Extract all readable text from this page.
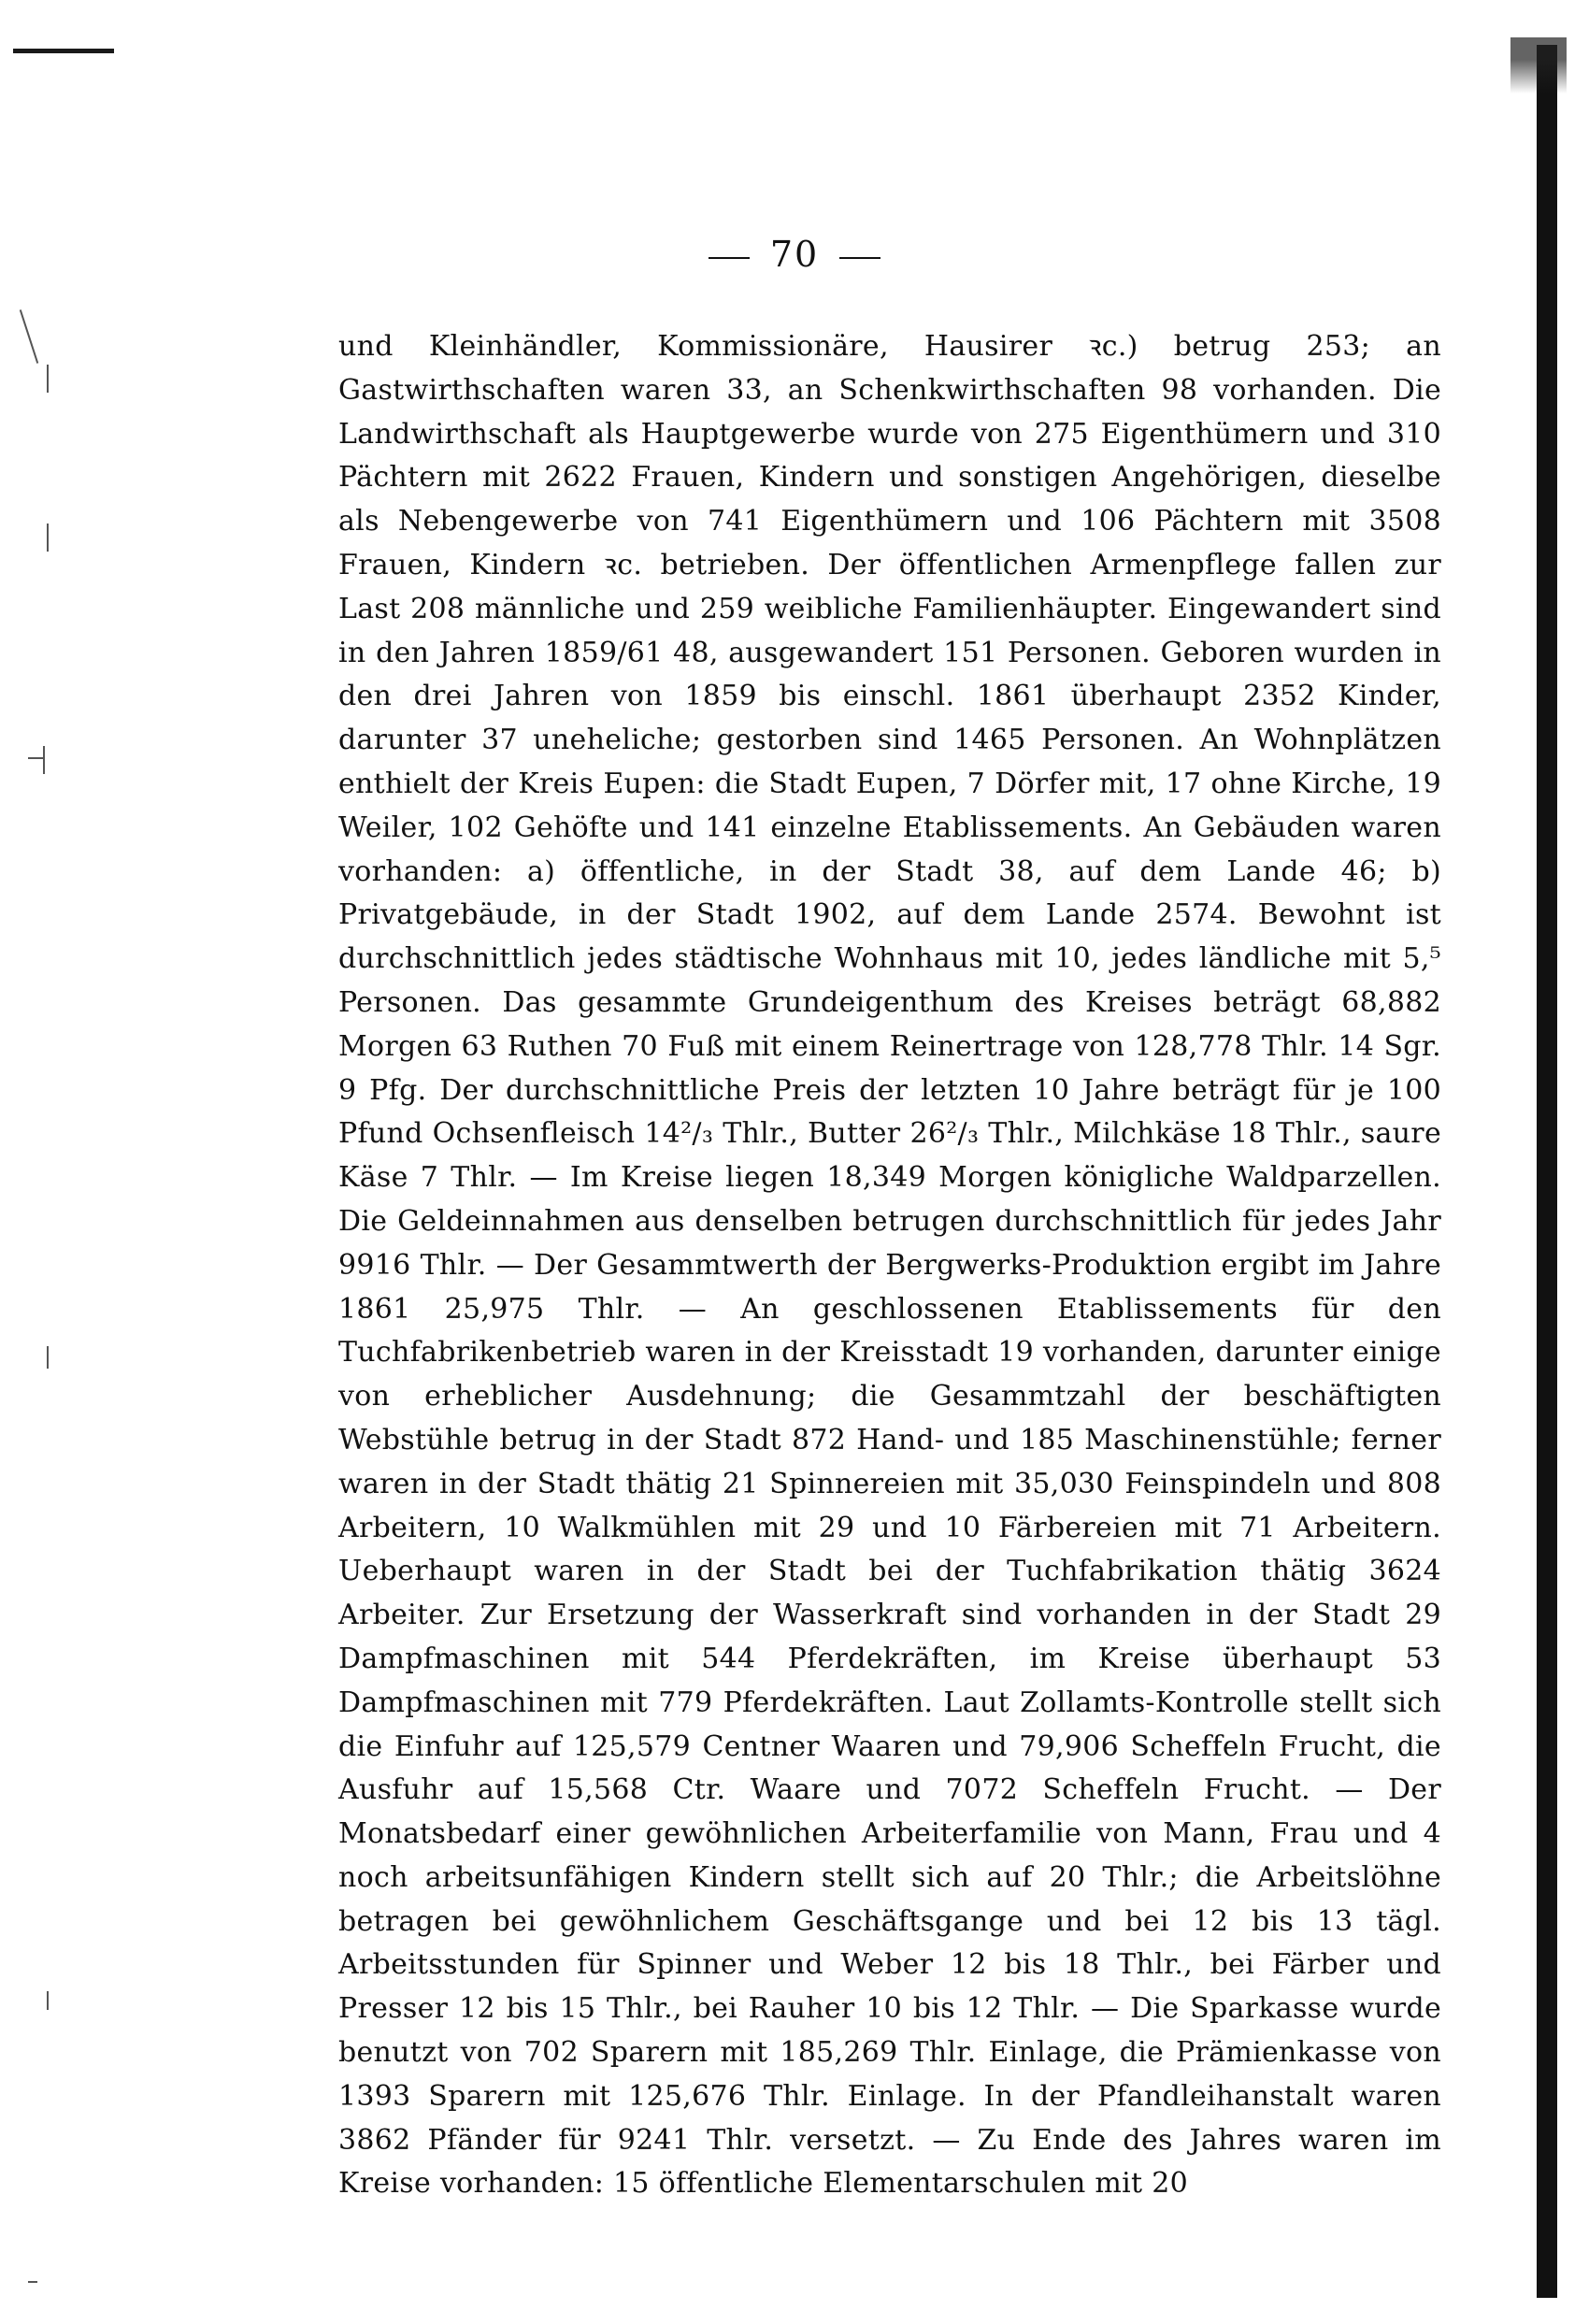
70

und Kleinhändler, Kommissionäre, Hausirer ꝛc.) betrug 253; an Gastwirthschaften waren 33, an Schenkwirthschaften 98 vorhanden. Die Landwirthschaft als Hauptgewerbe wurde von 275 Eigenthümern und 310 Pächtern mit 2622 Frauen, Kindern und sonstigen Angehörigen, dieselbe als Nebengewerbe von 741 Eigenthümern und 106 Pächtern mit 3508 Frauen, Kindern ꝛc. betrieben. Der öffentlichen Armenpflege fallen zur Last 208 männliche und 259 weibliche Familienhäupter. Eingewandert sind in den Jahren 1859/61 48, ausgewandert 151 Personen. Geboren wurden in den drei Jahren von 1859 bis einschl. 1861 überhaupt 2352 Kinder, darunter 37 uneheliche; gestorben sind 1465 Personen. An Wohnplätzen enthielt der Kreis Eupen: die Stadt Eupen, 7 Dörfer mit, 17 ohne Kirche, 19 Weiler, 102 Gehöfte und 141 einzelne Etablissements. An Gebäuden waren vorhanden: a) öffentliche, in der Stadt 38, auf dem Lande 46; b) Privatgebäude, in der Stadt 1902, auf dem Lande 2574. Bewohnt ist durchschnittlich jedes städtische Wohnhaus mit 10, jedes ländliche mit 5,⁵ Personen. Das gesammte Grundeigenthum des Kreises beträgt 68,882 Morgen 63 Ruthen 70 Fuß mit einem Reinertrage von 128,778 Thlr. 14 Sgr. 9 Pfg. Der durchschnittliche Preis der letzten 10 Jahre beträgt für je 100 Pfund Ochsenfleisch 14²/₃ Thlr., Butter 26²/₃ Thlr., Milchkäse 18 Thlr., saure Käse 7 Thlr. — Im Kreise liegen 18,349 Morgen königliche Waldparzellen. Die Geldeinnahmen aus denselben betrugen durchschnittlich für jedes Jahr 9916 Thlr. — Der Gesammtwerth der Bergwerks-Produktion ergibt im Jahre 1861 25,975 Thlr. — An geschlossenen Etablissements für den Tuchfabrikenbetrieb waren in der Kreisstadt 19 vorhanden, darunter einige von erheblicher Ausdehnung; die Gesammtzahl der beschäftigten Webstühle betrug in der Stadt 872 Hand- und 185 Maschinenstühle; ferner waren in der Stadt thätig 21 Spinnereien mit 35,030 Feinspindeln und 808 Arbeitern, 10 Walkmühlen mit 29 und 10 Färbereien mit 71 Arbeitern. Ueberhaupt waren in der Stadt bei der Tuchfabrikation thätig 3624 Arbeiter. Zur Ersetzung der Wasserkraft sind vorhanden in der Stadt 29 Dampfmaschinen mit 544 Pferdekräften, im Kreise überhaupt 53 Dampfmaschinen mit 779 Pferdekräften. Laut Zollamts-Kontrolle stellt sich die Einfuhr auf 125,579 Centner Waaren und 79,906 Scheffeln Frucht, die Ausfuhr auf 15,568 Ctr. Waare und 7072 Scheffeln Frucht. — Der Monatsbedarf einer gewöhnlichen Arbeiterfamilie von Mann, Frau und 4 noch arbeitsunfähigen Kindern stellt sich auf 20 Thlr.; die Arbeitslöhne betragen bei gewöhnlichem Geschäftsgange und bei 12 bis 13 tägl. Arbeitsstunden für Spinner und Weber 12 bis 18 Thlr., bei Färber und Presser 12 bis 15 Thlr., bei Rauher 10 bis 12 Thlr. — Die Sparkasse wurde benutzt von 702 Sparern mit 185,269 Thlr. Einlage, die Prämienkasse von 1393 Sparern mit 125,676 Thlr. Einlage. In der Pfandleihanstalt waren 3862 Pfänder für 9241 Thlr. versetzt. — Zu Ende des Jahres waren im Kreise vorhanden: 15 öffentliche Elementarschulen mit 20
